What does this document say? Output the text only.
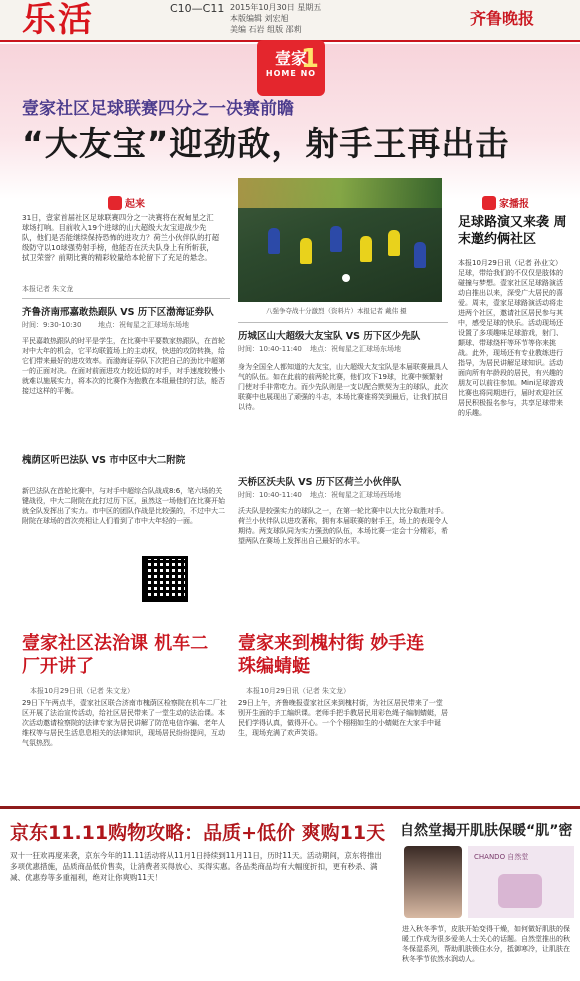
乐活	C10—C11 2015年10月30日 星期五
本版编辑 刘宏旭
美编 石岩 组版 邵莉
齐鲁晚报
壹家
HOME NO
1
壹家社区足球联赛四分之一决赛前瞻
“大友宝”迎劲敌，射手王再出击
起来
31日，壹家首届社区足球联赛四分之一决赛将在祝甸星之汇球场打响。目前收入19个进球的山大超级大友宝迎战少先队，他们是否能继续保持恐怖的进攻力？荷兰小伙伴队的打超级防守以10球强势射手榜，他能否在沃夫队身上有所斩获，拭卫荣誉？前期比赛的精彩较量给本轮留下了充足的悬念。
本报记者 朱文龙
八强争夺战十分激烈（资料片）本报记者 戴伟 摄
家播报
足球路演又来袭 周末邀约俩社区
本报10月29日讯（记者 孙业文）足球，带给我们的不仅仅是肢体的碰撞与梦想。壹家社区足球路演活动自推出以来，深受广大居民的喜爱。周末，壹家足球路演活动将走进两个社区，邀请社区居民参与其中，感受足球的快乐。活动现场还设置了多项趣味足球游戏，射门、颠球、带球绕杆等环节等你来挑战。此外，现场还有专业教练进行指导，为居民讲解足球知识。活动面向所有年龄段的居民，有兴趣的朋友可以前往参加。Mini足球游戏比赛也将同期进行，届时欢迎社区居民积极报名参与，共享足球带来的乐趣。
齐鲁济南邢嘉敢热跟队 VS 历下区渤海证券队
时间：9:30-10:30 地点：祝甸星之汇球场东场地
平民嘉敢热跟队的时平是学生，在比赛中平要数家热跟队，在首轮对中大年的机会，它平均联篮场上的主动权，快进的攻防转换，给它们带来最好的进攻效率。而渤海证券队下次把自己的劲比中超第一的正面对决。在面对前面进攻力较近似的对手，对手速度较慢小就难以施展实力，将本次的比赛作为抱教在本组最佳的打法，能否接过这样的平衡。
槐荫区听巴法队 VS 市中区中大二附院
新巴法队在首轮比赛中，与对手中超综合队战成8:6，笔六场的关键战役，中大二附院在此打过历下区，虽然这一场他们在比赛开始就全队发挥出了实力。市中区的团队作战是比较强的，不过中大二附院在球场的首次亮相让人们看到了市中大年轻的一面。
历城区山大超级大友宝队 VS 历下区少先队
时间：10:40-11:40 地点：祝甸星之汇球场东场地
身为全国全人都知道的大友宝，山大超级大友宝队是本届联赛最具人气的队伍。如在此前的前两轮比赛，他们攻下19球，比赛中频繁射门使对手非常吃力。而少先队则是一支以配合默契为主的球队，此次联赛中也展现出了顽强的斗志，本场比赛谁将笑到最后，让我们拭目以待。
天桥区沃夫队 VS 历下区荷兰小伙伴队
时间：10:40-11:40 地点：祝甸星之汇球场西场地
沃夫队是较强实力的球队之一，在第一轮比赛中以大比分取胜对手。荷兰小伙伴队以进攻著称，拥有本届联赛的射手王，场上的表现令人期待。两支球队同为实力强劲的队伍，本场比赛一定会十分精彩，希望两队在赛场上发挥出自己最好的水平。
壹家社区法治课 机车二厂开讲了
本报10月29日讯（记者 朱文龙）
29日下午两点半，壹家社区联合济南市槐荫区检察院在机车二厂社区开展了法治宣传活动，给社区居民带来了一堂生动的法治课。本次活动邀请检察院的法律专家为居民讲解了防范电信诈骗、老年人维权等与居民生活息息相关的法律知识，现场居民纷纷提问，互动气氛热烈。
壹家来到槐村街 妙手连珠编蜻蜓
本报10月29日讯（记者 朱文龙）
29日上午，齐鲁晚报壹家社区来到槐村街，为社区居民带来了一堂别开生面的手工编织课。老师手把手教居民用彩色绳子编制蜻蜓，居民们学得认真，做得开心。一个个栩栩如生的小蜻蜓在大家手中诞生，现场充满了欢声笑语。
京东11.11购物攻略：品质+低价 爽购11天
双十一狂欢再度来袭，京东今年的11.11活动将从11月1日持续到11月11日，历时11天。活动期间，京东将推出多项优惠措施，品质商品低价售卖，让消费者买得放心、买得实惠。各品类商品均有大幅度折扣，更有秒杀、满减、优惠券等多重福利，绝对让你爽购11天！
自然堂揭开肌肤保暖“肌”密
CHANDO 自然堂
进入秋冬季节，皮肤开始变得干燥，如何做好肌肤的保暖工作成为很多爱美人士关心的话题。自然堂推出的秋冬保湿系列，帮助肌肤锁住水分，抵御寒冷，让肌肤在秋冬季节依然水润动人。
